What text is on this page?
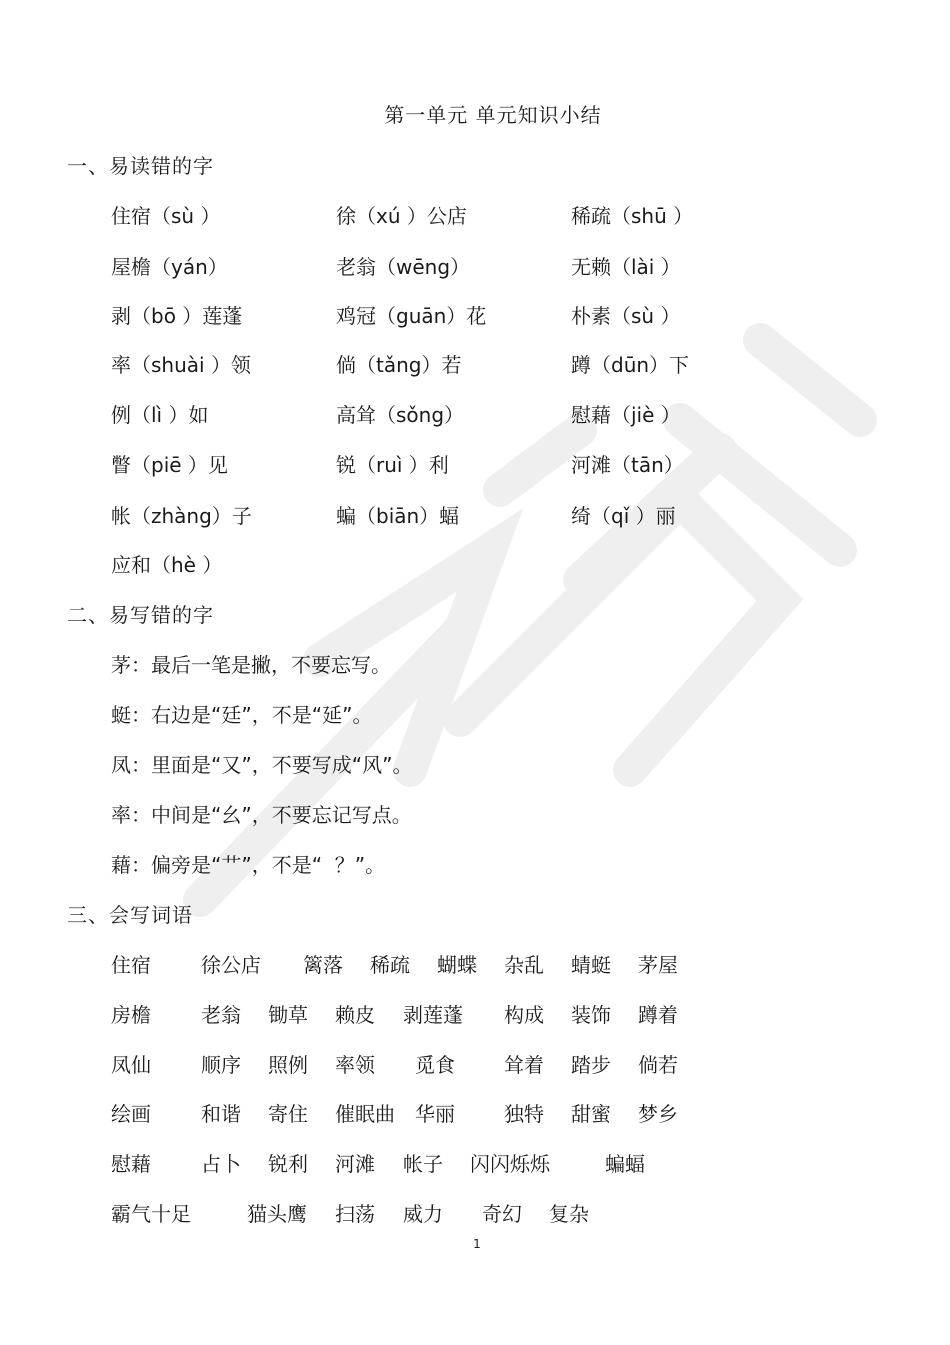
第一单元 单元知识小结
一、易读错的字
住宿（sù ）	徐（xú ）公店	稀疏（shū ）
屋檐（yán）	老翁（wēng）	无赖（lài ）
剥（bō ）莲蓬	鸡冠（guān）花	朴素（sù ）
率（shuài ）领	倘（tǎng）若	蹲（dūn）下
例（lì ）如	高耸（sǒng）	慰藉（jiè ）
瞥（piē ）见	锐（ruì ）利	河滩（tān）
帐（zhàng）子	蝙（biān）蝠	绮（qǐ ）丽
应和（hè ）
二、易写错的字
茅：最后一笔是撇，不要忘写。
蜓：右边是“廷”，不是“延”。
凤：里面是“又”，不要写成“风”。
率：中间是“幺”，不要忘记写点。
藉：偏旁是“艹”，不是“  ？”。
三、会写词语
住宿	徐公店 篱落 稀疏 蝴蝶 杂乱 蜻蜓 茅屋
房檐	老翁 锄草 赖皮 剥莲蓬 构成 装饰 蹲着
凤仙	顺序 照例 率领 觅食 耸着 踏步 倘若
绘画	和谐 寄住 催眠曲 华丽 独特 甜蜜 梦乡
慰藉	占卜 锐利 河滩 帐子 闪闪烁烁	蝙蝠
霸气十足	猫头鹰 扫荡 威力 奇幻 复杂
1
